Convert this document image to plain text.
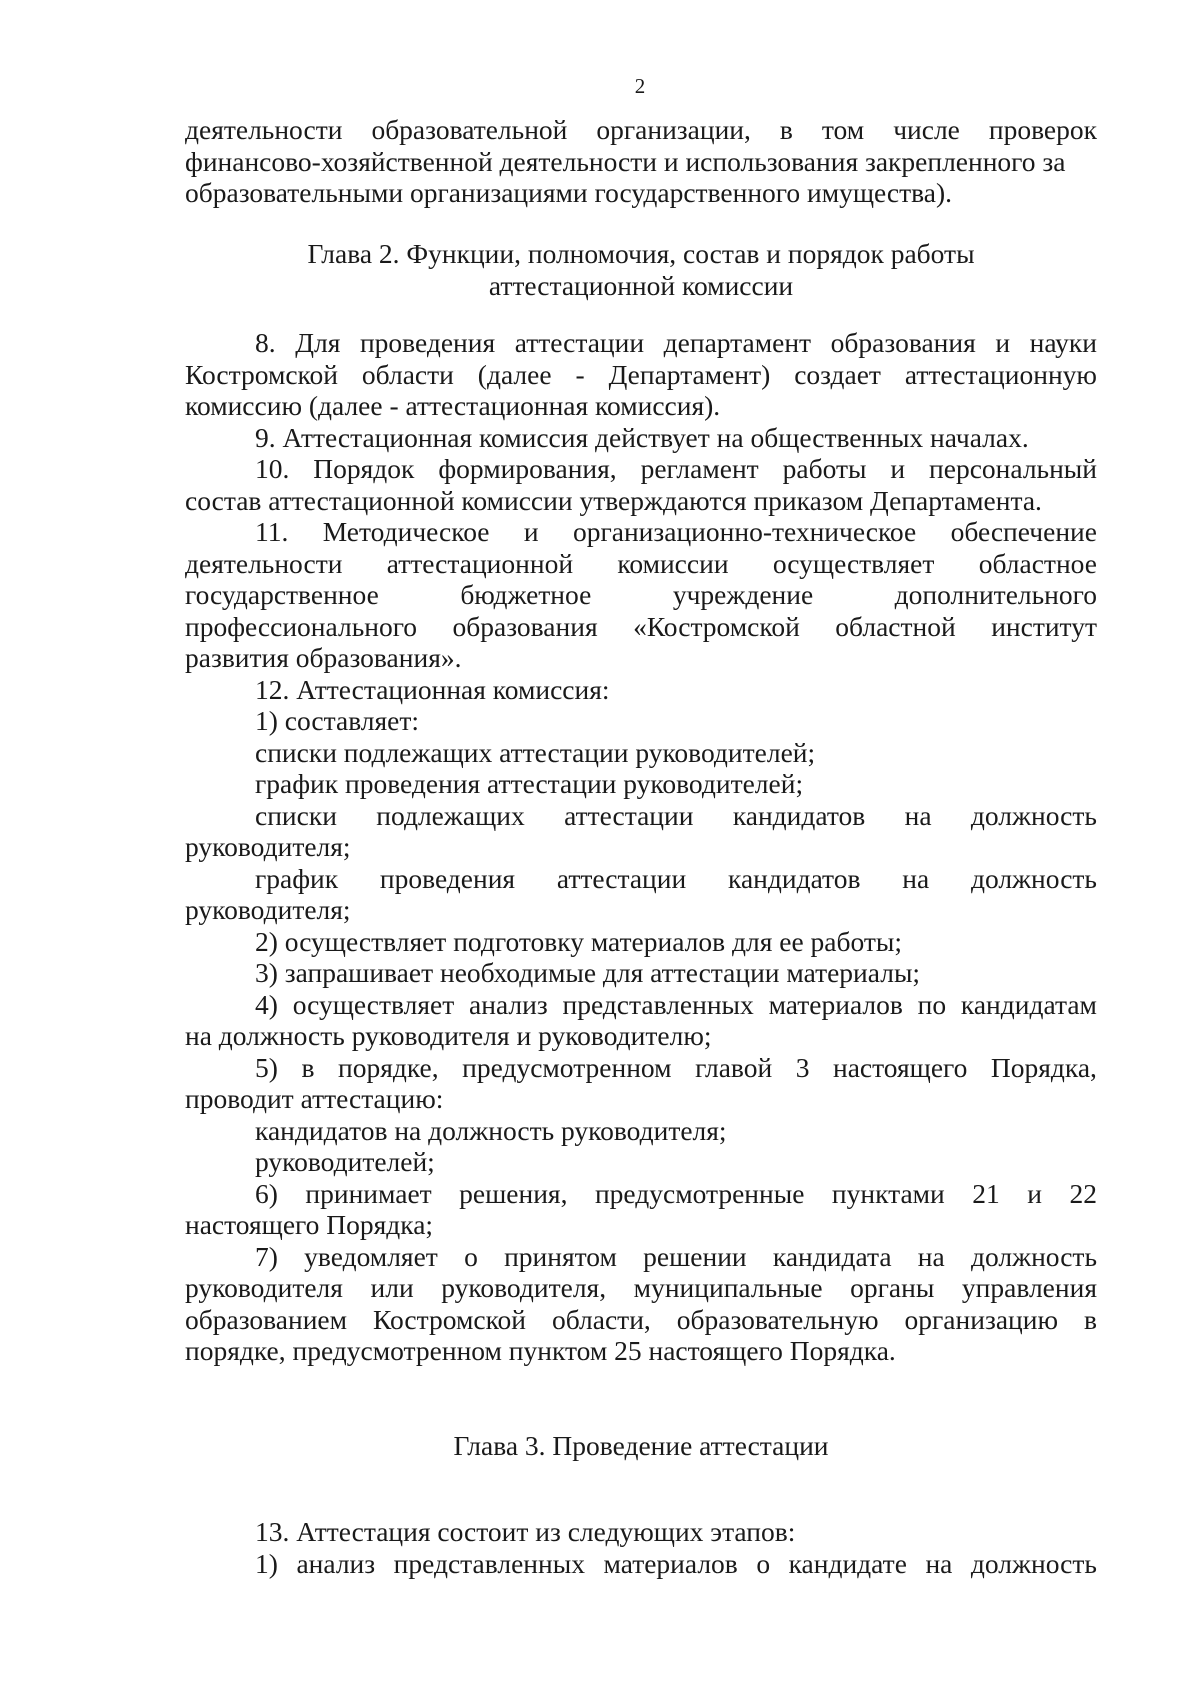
2
деятельности образовательной организации, в том числе проверок
финансово-хозяйственной деятельности и использования закрепленного за
образовательными организациями государственного имущества).
Глава 2. Функции, полномочия, состав и порядок работы
аттестационной комиссии
8. Для проведения аттестации департамент образования и науки
Костромской области (далее - Департамент) создает аттестационную
комиссию (далее - аттестационная комиссия).
9. Аттестационная комиссия действует на общественных началах.
10. Порядок формирования, регламент работы и персональный
состав аттестационной комиссии утверждаются приказом Департамента.
11. Методическое и организационно-техническое обеспечение
деятельности аттестационной комиссии осуществляет областное
государственное	бюджетное	учреждение	дополнительного
профессионального образования «Костромской областной институт
развития образования».
12. Аттестационная комиссия:
1) составляет:
списки подлежащих аттестации руководителей;
график проведения аттестации руководителей;
списки подлежащих аттестации кандидатов на должность
руководителя;
график проведения аттестации кандидатов на должность
руководителя;
2) осуществляет подготовку материалов для ее работы;
3) запрашивает необходимые для аттестации материалы;
4) осуществляет анализ представленных материалов по кандидатам
на должность руководителя и руководителю;
5) в порядке, предусмотренном главой 3 настоящего Порядка,
проводит аттестацию:
кандидатов на должность руководителя;
руководителей;
6) принимает решения, предусмотренные пунктами 21 и 22
настоящего Порядка;
7) уведомляет о принятом решении кандидата на должность
руководителя или руководителя, муниципальные органы управления
образованием Костромской области, образовательную организацию в
порядке, предусмотренном пунктом 25 настоящего Порядка.
Глава 3. Проведение аттестации
13. Аттестация состоит из следующих этапов:
1) анализ представленных материалов о кандидате на должность
